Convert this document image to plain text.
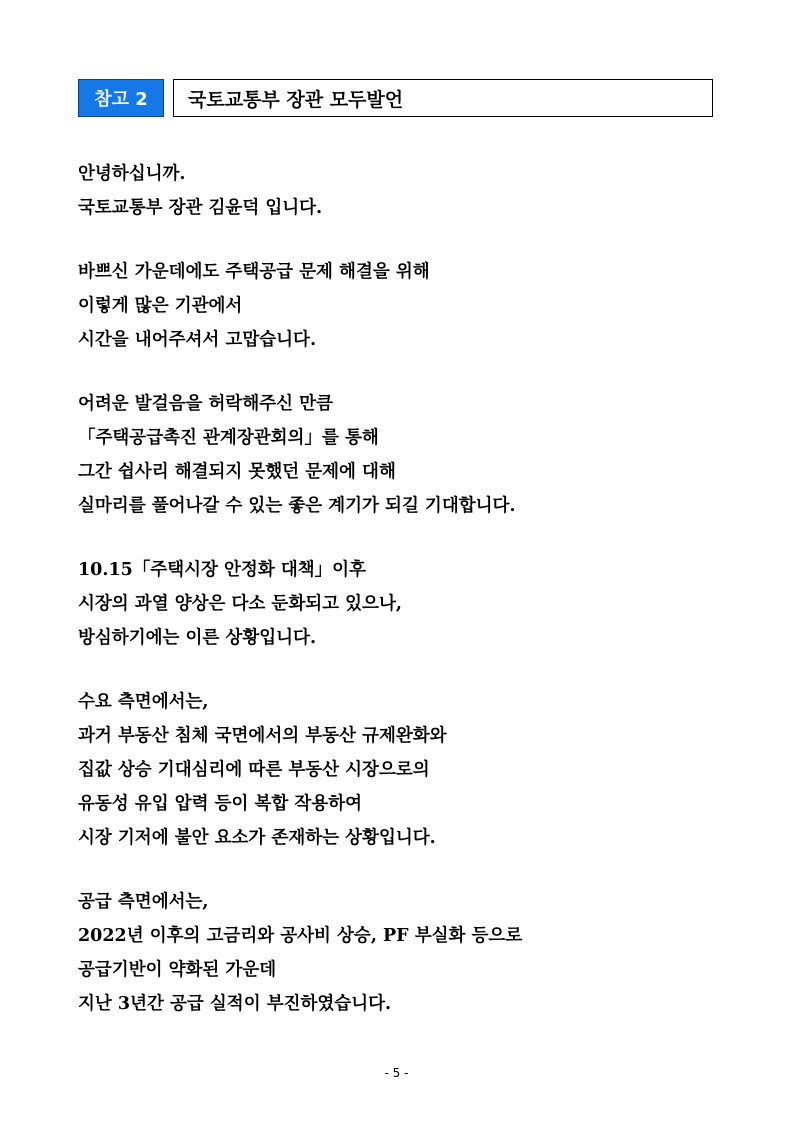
참고 2	국토교통부 장관 모두발언
안녕하십니까.
국토교통부 장관 김윤덕 입니다.
바쁘신 가운데에도 주택공급 문제 해결을 위해
이렇게 많은 기관에서
시간을 내어주셔서 고맙습니다.
어려운 발걸음을 허락해주신 만큼
「주택공급촉진 관계장관회의」를 통해
그간 쉽사리 해결되지 못했던 문제에 대해
실마리를 풀어나갈 수 있는 좋은 계기가 되길 기대합니다.
10.15「주택시장 안정화 대책」이후
시장의 과열 양상은 다소 둔화되고 있으나,
방심하기에는 이른 상황입니다.
수요 측면에서는,
과거 부동산 침체 국면에서의 부동산 규제완화와
집값 상승 기대심리에 따른 부동산 시장으로의
유동성 유입 압력 등이 복합 작용하여
시장 기저에 불안 요소가 존재하는 상황입니다.
공급 측면에서는,
2022년 이후의 고금리와 공사비 상승, PF 부실화 등으로
공급기반이 약화된 가운데
지난 3년간 공급 실적이 부진하였습니다.
- 5 -
